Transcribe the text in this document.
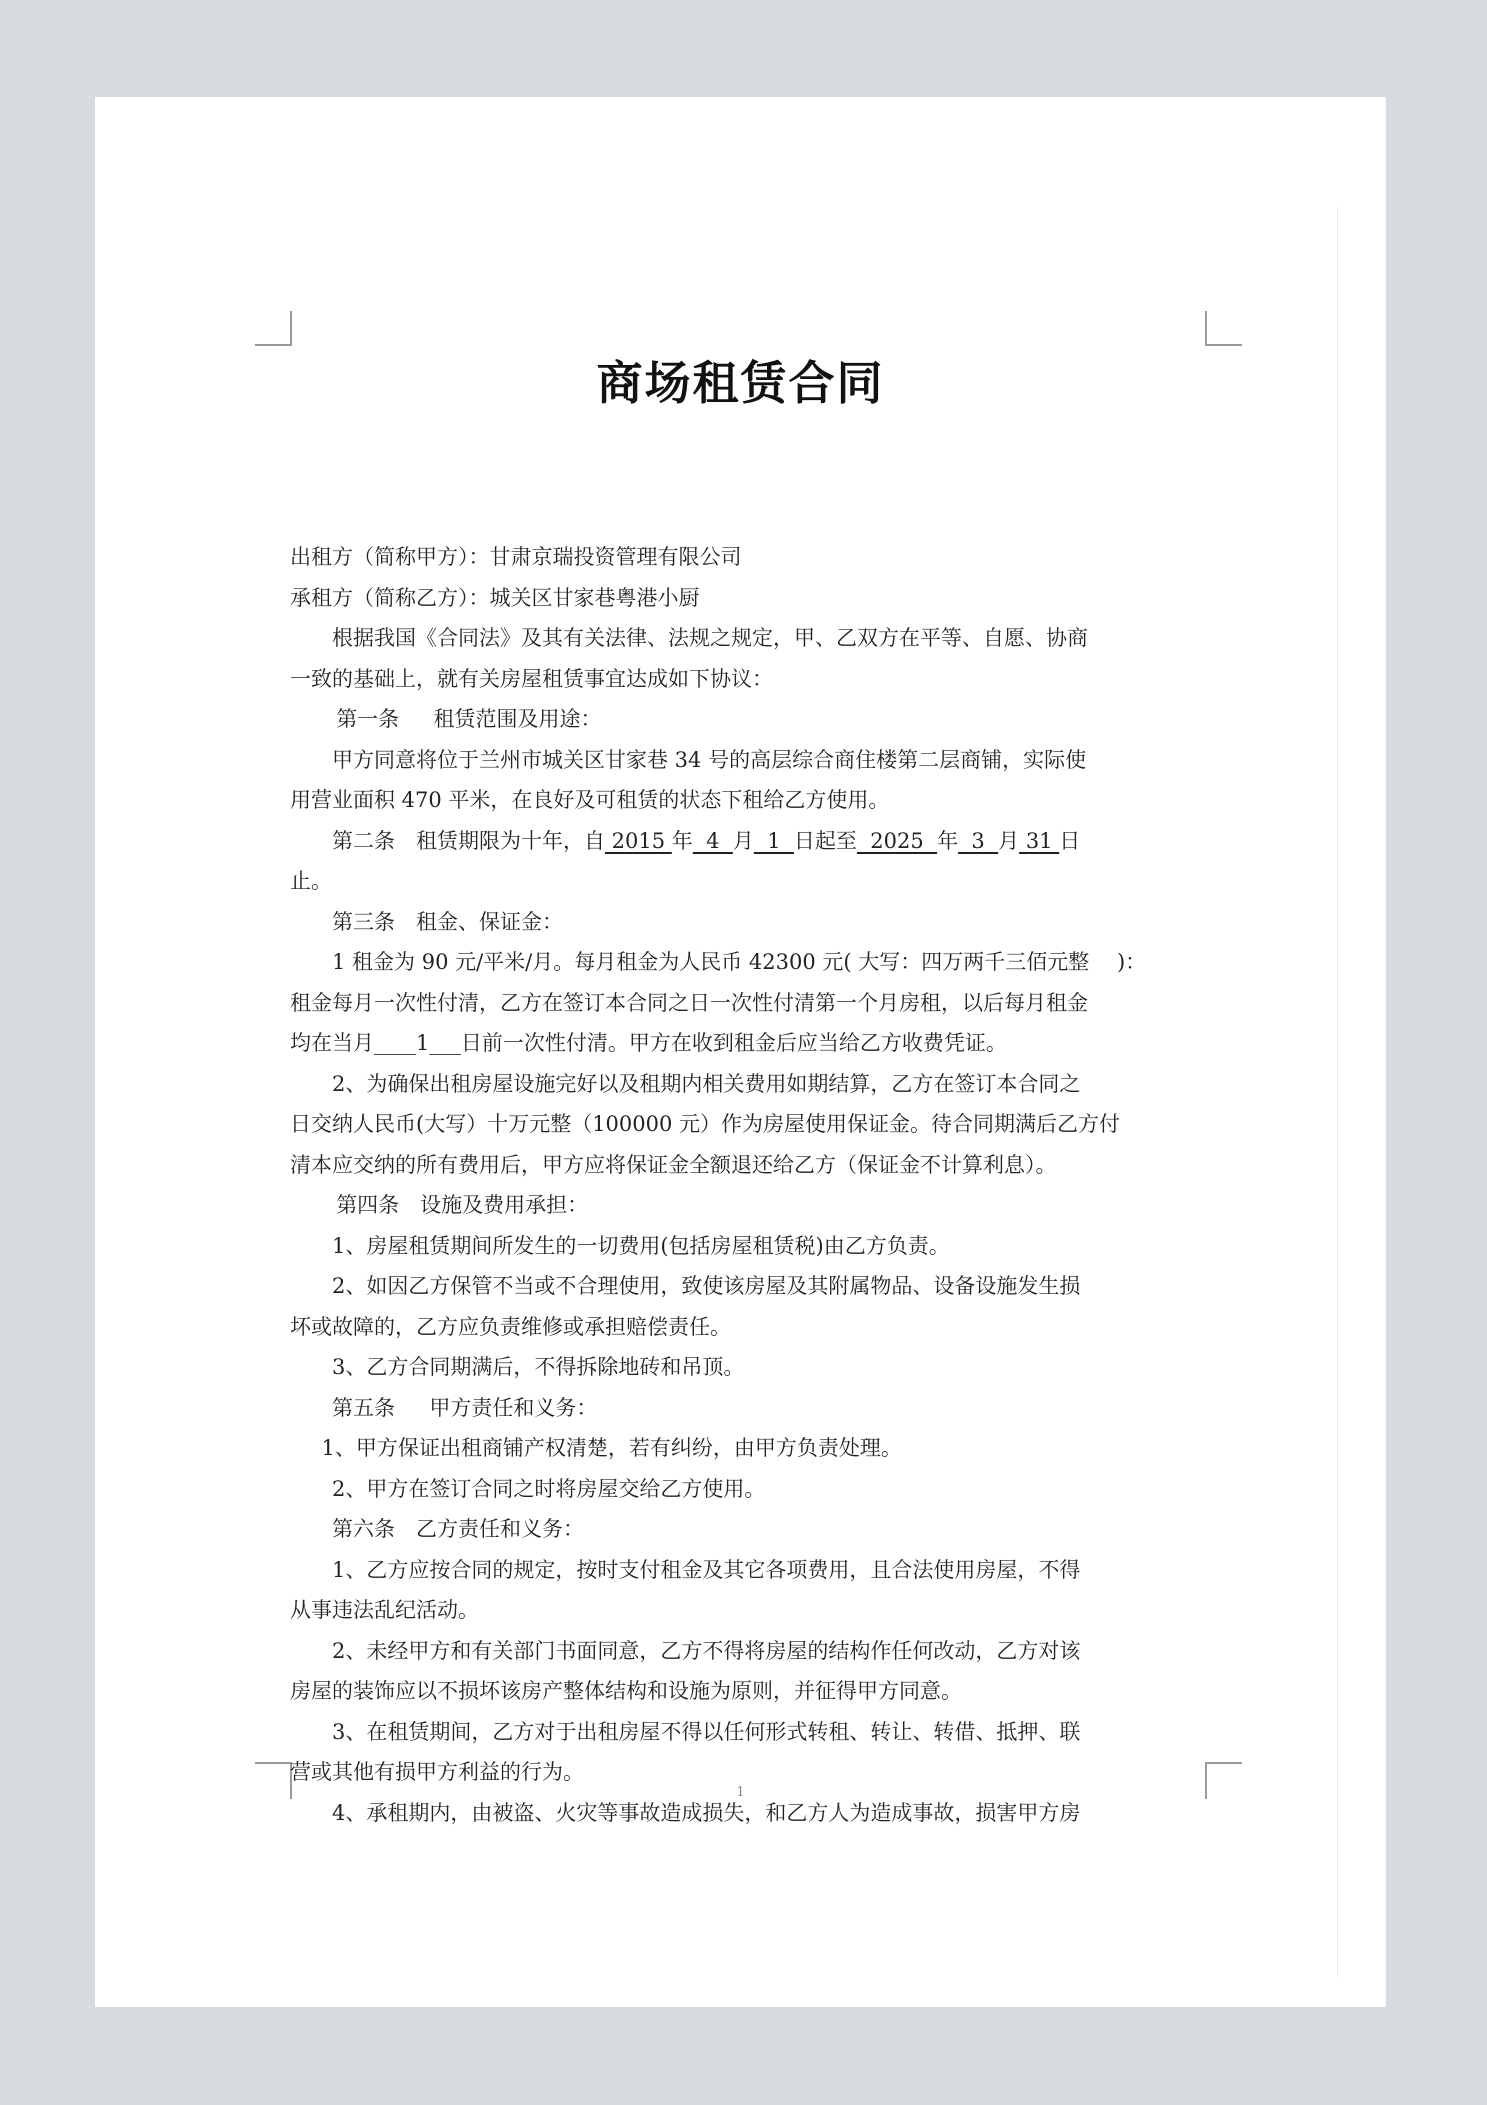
商场租赁合同

出租方（简称甲方）：甘肃京瑞投资管理有限公司

承租方（简称乙方）：城关区甘家巷粤港小厨

根据我国《合同法》及其有关法律、法规之规定，甲、乙双方在平等、自愿、协商

一致的基础上，就有关房屋租赁事宜达成如下协议：

第一条　  租赁范围及用途：

甲方同意将位于兰州市城关区甘家巷 34 号的高层综合商住楼第二层商铺，实际使

用营业面积 470 平米，在良好及可租赁的状态下租给乙方使用。

第二条　租赁期限为十年，自 2015 年  4  月  1  日起至  2025  年  3  月 31 日

止。

第三条　租金、保证金：

1 租金为 90 元/平米/月。每月租金为人民币 42300 元( 大写：四万两千三佰元整　 )：

租金每月一次性付清，乙方在签订本合同之日一次性付清第一个月房租，以后每月租金

均在当月____1___日前一次性付清。甲方在收到租金后应当给乙方收费凭证。

2、为确保出租房屋设施完好以及租期内相关费用如期结算，乙方在签订本合同之

日交纳人民币(大写）十万元整（100000 元）作为房屋使用保证金。待合同期满后乙方付

清本应交纳的所有费用后，甲方应将保证金全额退还给乙方（保证金不计算利息）。

第四条　设施及费用承担：

1、房屋租赁期间所发生的一切费用(包括房屋租赁税)由乙方负责。

2、如因乙方保管不当或不合理使用，致使该房屋及其附属物品、设备设施发生损

坏或故障的，乙方应负责维修或承担赔偿责任。

3、乙方合同期满后，不得拆除地砖和吊顶。

第五条　  甲方责任和义务：

1、甲方保证出租商铺产权清楚，若有纠纷，由甲方负责处理。

2、甲方在签订合同之时将房屋交给乙方使用。

第六条　乙方责任和义务：

1、乙方应按合同的规定，按时支付租金及其它各项费用，且合法使用房屋，不得

从事违法乱纪活动。

2、未经甲方和有关部门书面同意，乙方不得将房屋的结构作任何改动，乙方对该

房屋的装饰应以不损坏该房产整体结构和设施为原则，并征得甲方同意。

3、在租赁期间，乙方对于出租房屋不得以任何形式转租、转让、转借、抵押、联

营或其他有损甲方利益的行为。

4、承租期内，由被盗、火灾等事故造成损失，和乙方人为造成事故，损害甲方房

1
